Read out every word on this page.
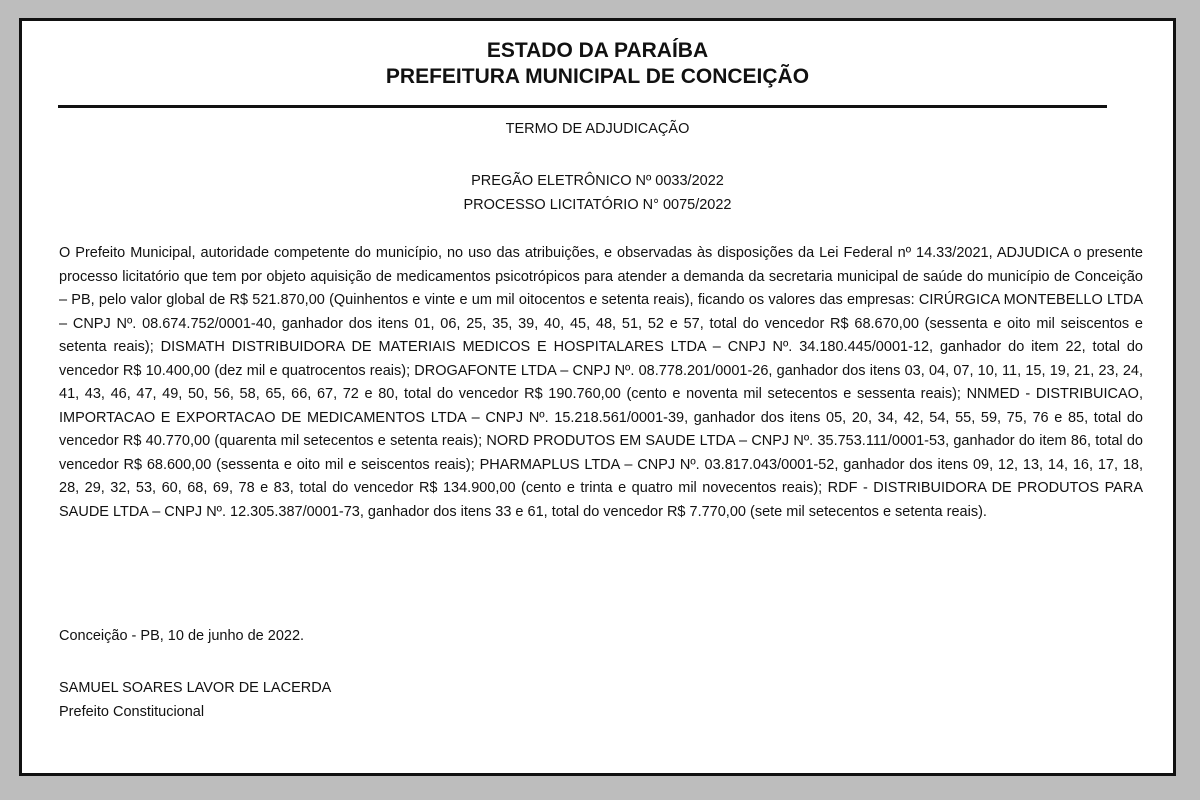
ESTADO DA PARAÍBA
PREFEITURA MUNICIPAL DE CONCEIÇÃO
TERMO DE ADJUDICAÇÃO
PREGÃO ELETRÔNICO Nº 0033/2022
PROCESSO LICITATÓRIO N° 0075/2022

O Prefeito Municipal, autoridade competente do município, no uso das atribuições, e observadas às disposições da Lei Federal nº 14.33/2021, ADJUDICA o presente processo licitatório que tem por objeto aquisição de medicamentos psicotrópicos para atender a demanda da secretaria municipal de saúde do município de Conceição – PB, pelo valor global de R$ 521.870,00 (Quinhentos e vinte e um mil oitocentos e setenta reais), ficando os valores das empresas: CIRÚRGICA MONTEBELLO LTDA – CNPJ Nº. 08.674.752/0001-40, ganhador dos itens 01, 06, 25, 35, 39, 40, 45, 48, 51, 52 e 57, total do vencedor R$ 68.670,00 (sessenta e oito mil seiscentos e setenta reais); DISMATH DISTRIBUIDORA DE MATERIAIS MEDICOS E HOSPITALARES LTDA – CNPJ Nº. 34.180.445/0001-12, ganhador do item 22, total do vencedor R$ 10.400,00 (dez mil e quatrocentos reais); DROGAFONTE LTDA – CNPJ Nº. 08.778.201/0001-26, ganhador dos itens 03, 04, 07, 10, 11, 15, 19, 21, 23, 24, 41, 43, 46, 47, 49, 50, 56, 58, 65, 66, 67, 72 e 80, total do vencedor R$ 190.760,00 (cento e noventa mil setecentos e sessenta reais); NNMED - DISTRIBUICAO, IMPORTACAO E EXPORTACAO DE MEDICAMENTOS LTDA – CNPJ Nº. 15.218.561/0001-39, ganhador dos itens 05, 20, 34, 42, 54, 55, 59, 75, 76 e 85, total do vencedor R$ 40.770,00 (quarenta mil setecentos e setenta reais); NORD PRODUTOS EM SAUDE LTDA – CNPJ Nº. 35.753.111/0001-53, ganhador do item 86, total do vencedor R$ 68.600,00 (sessenta e oito mil e seiscentos reais); PHARMAPLUS LTDA – CNPJ Nº. 03.817.043/0001-52, ganhador dos itens 09, 12, 13, 14, 16, 17, 18, 28, 29, 32, 53, 60, 68, 69, 78 e 83, total do vencedor R$ 134.900,00 (cento e trinta e quatro mil novecentos reais); RDF - DISTRIBUIDORA DE PRODUTOS PARA SAUDE LTDA – CNPJ Nº. 12.305.387/0001-73, ganhador dos itens 33 e 61, total do vencedor R$ 7.770,00 (sete mil setecentos e setenta reais).

Conceição - PB, 10 de junho de 2022.
SAMUEL SOARES LAVOR DE LACERDA
Prefeito Constitucional
